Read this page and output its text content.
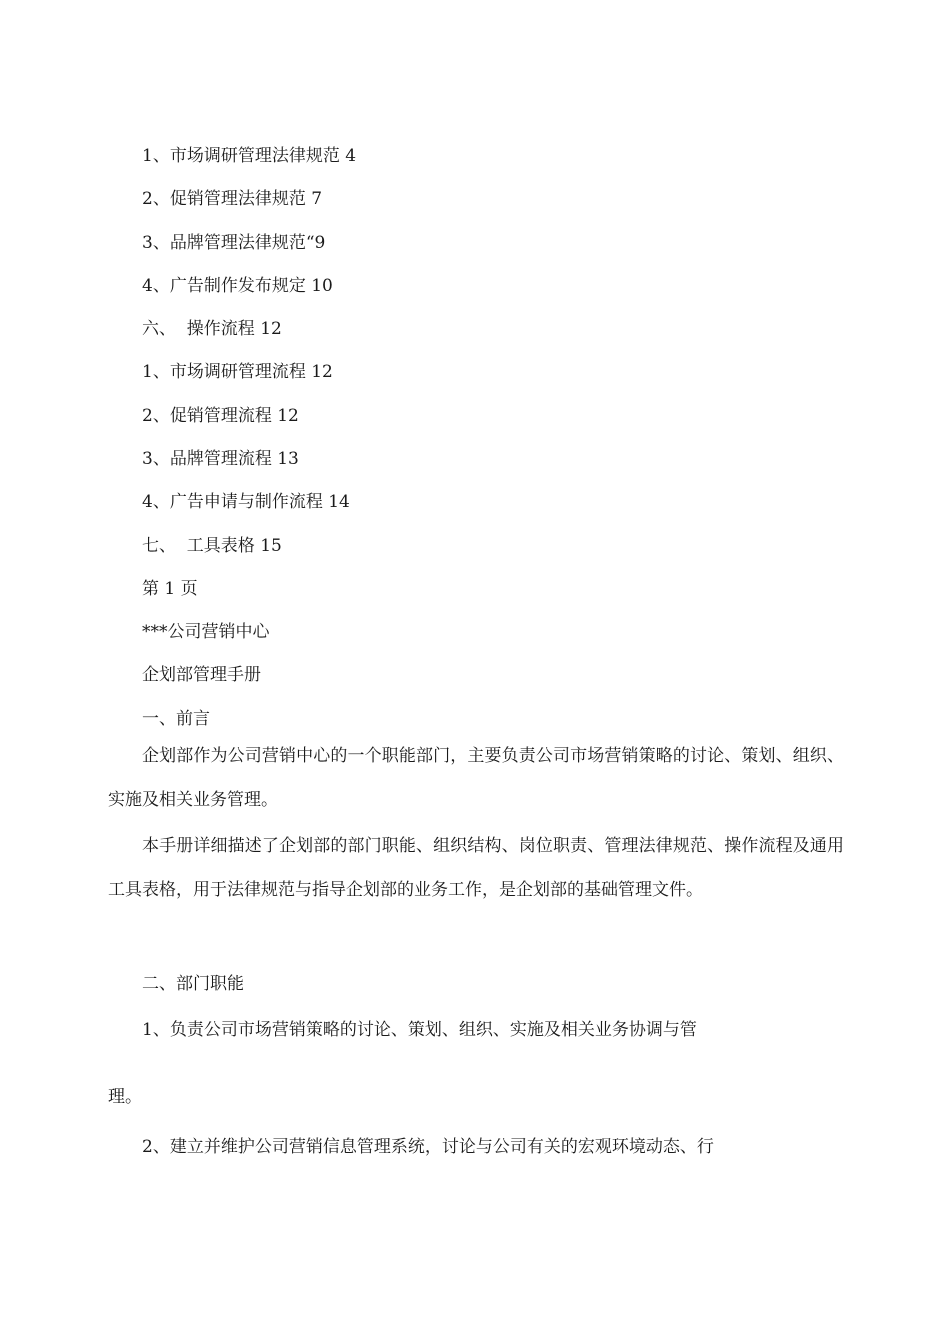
1、市场调研管理法律规范 4
2、促销管理法律规范 7
3、品牌管理法律规范“9
4、广告制作发布规定 10
六、  操作流程 12
1、市场调研管理流程 12
2、促销管理流程 12
3、品牌管理流程 13
4、广告申请与制作流程 14
七、  工具表格 15
第 1 页
***公司营销中心
企划部管理手册
一、前言

企划部作为公司营销中心的一个职能部门，主要负责公司市场营销策略的讨论、策划、组织、实施及相关业务管理。

本手册详细描述了企划部的部门职能、组织结构、岗位职责、管理法律规范、操作流程及通用工具表格，用于法律规范与指导企划部的业务工作，是企划部的基础管理文件。

二、部门职能
1、负责公司市场营销策略的讨论、策划、组织、实施及相关业务协调与管
理。
2、建立并维护公司营销信息管理系统，讨论与公司有关的宏观环境动态、行
